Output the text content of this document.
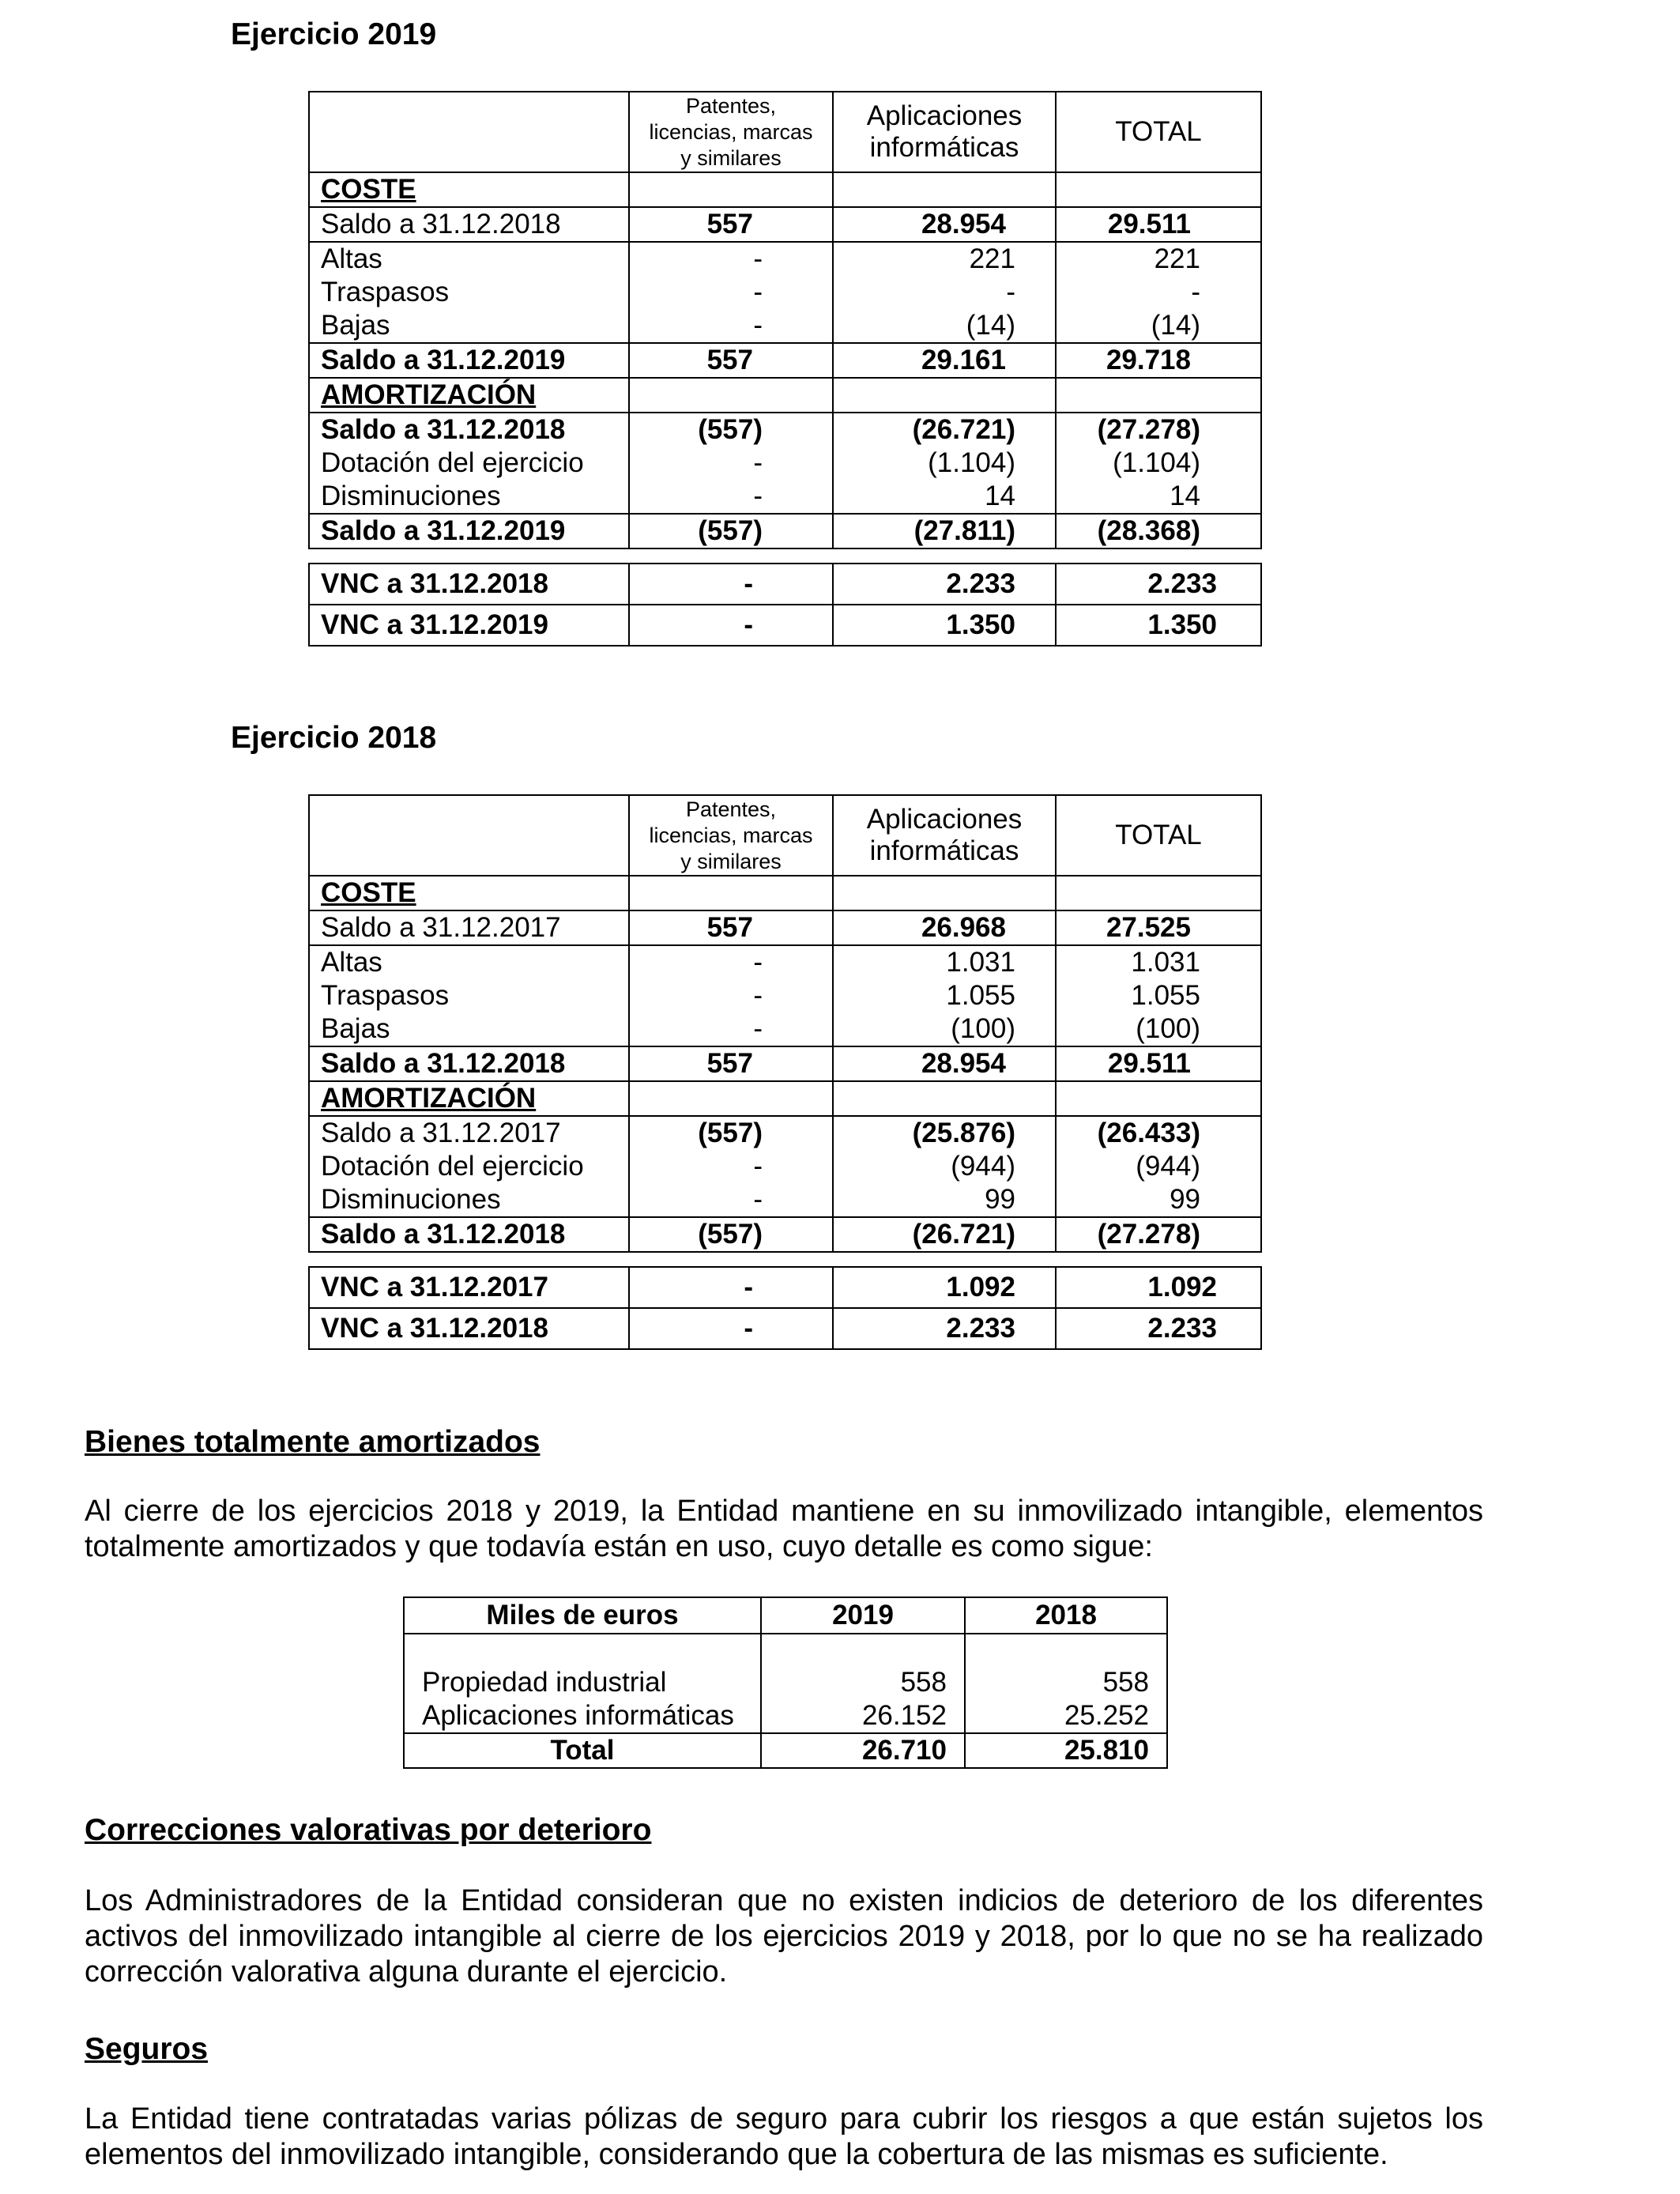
Ejercicio 2019
	Patentes, licencias, marcas y similares	Aplicaciones informáticas	TOTAL
COSTE			
Saldo a 31.12.2018	557	28.954	29.511
Altas	-	221	221
Traspasos	-	-	-
Bajas	-	(14)	(14)
Saldo a 31.12.2019	557	29.161	29.718
AMORTIZACIÓN			
Saldo a 31.12.2018	(557)	(26.721)	(27.278)
Dotación del ejercicio	-	(1.104)	(1.104)
Disminuciones	-	14	14
Saldo a 31.12.2019	(557)	(27.811)	(28.368)
VNC a 31.12.2018	-	2.233	2.233
VNC a 31.12.2019	-	1.350	1.350
Ejercicio 2018
	Patentes, licencias, marcas y similares	Aplicaciones informáticas	TOTAL
COSTE			
Saldo a 31.12.2017	557	26.968	27.525
Altas	-	1.031	1.031
Traspasos	-	1.055	1.055
Bajas	-	(100)	(100)
Saldo a 31.12.2018	557	28.954	29.511
AMORTIZACIÓN			
Saldo a 31.12.2017	(557)	(25.876)	(26.433)
Dotación del ejercicio	-	(944)	(944)
Disminuciones	-	99	99
Saldo a 31.12.2018	(557)	(26.721)	(27.278)
VNC a 31.12.2017	-	1.092	1.092
VNC a 31.12.2018	-	2.233	2.233
Bienes totalmente amortizados

Al cierre de los ejercicios 2018 y 2019, la Entidad mantiene en su inmovilizado intangible, elementos totalmente amortizados y que todavía están en uso, cuyo detalle es como sigue:

Miles de euros	2019	2018

Propiedad industrial	558	558
Aplicaciones informáticas	26.152	25.252
Total	26.710	25.810
Correcciones valorativas por deterioro

Los Administradores de la Entidad consideran que no existen indicios de deterioro de los diferentes activos del inmovilizado intangible al cierre de los ejercicios 2019 y 2018, por lo que no se ha realizado corrección valorativa alguna durante el ejercicio.

Seguros

La Entidad tiene contratadas varias pólizas de seguro para cubrir los riesgos a que están sujetos los elementos del inmovilizado intangible, considerando que la cobertura de las mismas es suficiente.
